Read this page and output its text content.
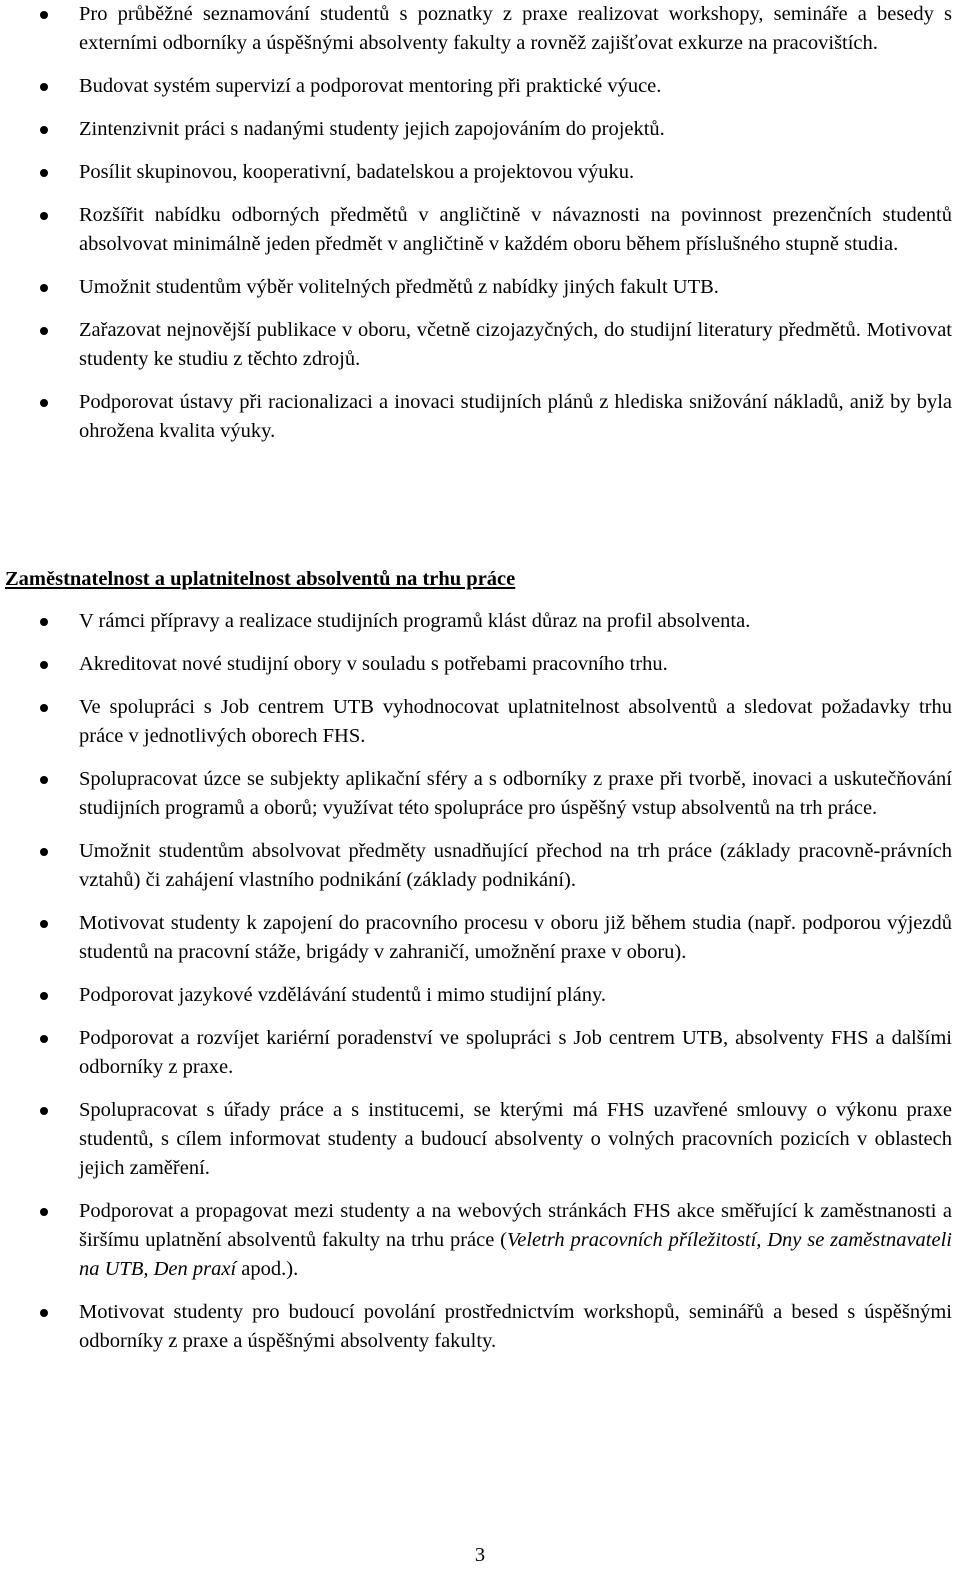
Pro průběžné seznamování studentů s poznatky z praxe realizovat workshopy, semináře a besedy s externími odborníky a úspěšnými absolventy fakulty a rovněž zajišťovat exkurze na pracovištích.
Budovat systém supervizí a podporovat mentoring při praktické výuce.
Zintenzivnit práci s nadanými studenty jejich zapojováním do projektů.
Posílit skupinovou, kooperativní, badatelskou a projektovou výuku.
Rozšířit nabídku odborných předmětů v angličtině v návaznosti na povinnost prezenčních studentů absolvovat minimálně jeden předmět v angličtině v každém oboru během příslušného stupně studia.
Umožnit studentům výběr volitelných předmětů z nabídky jiných fakult UTB.
Zařazovat nejnovější publikace v oboru, včetně cizojazyčných, do studijní literatury předmětů. Motivovat studenty ke studiu z těchto zdrojů.
Podporovat ústavy při racionalizaci a inovaci studijních plánů z hlediska snižování nákladů, aniž by byla ohrožena kvalita výuky.
Zaměstnatelnost a uplatnitelnost absolventů na trhu práce
V rámci přípravy a realizace studijních programů klást důraz na profil absolventa.
Akreditovat nové studijní obory v souladu s potřebami pracovního trhu.
Ve spolupráci s Job centrem UTB vyhodnocovat uplatnitelnost absolventů a sledovat požadavky trhu práce v jednotlivých oborech FHS.
Spolupracovat úzce se subjekty aplikační sféry a s odborníky z praxe při tvorbě, inovaci a uskutečňování studijních programů a oborů; využívat této spolupráce pro úspěšný vstup absolventů na trh práce.
Umožnit studentům absolvovat předměty usnadňující přechod na trh práce (základy pracovně-právních vztahů) či zahájení vlastního podnikání (základy podnikání).
Motivovat studenty k zapojení do pracovního procesu v oboru již během studia (např. podporou výjezdů studentů na pracovní stáže, brigády v zahraničí, umožnění praxe v oboru).
Podporovat jazykové vzdělávání studentů i mimo studijní plány.
Podporovat a rozvíjet kariérní poradenství ve spolupráci s Job centrem UTB, absolventy FHS a dalšími odborníky z praxe.
Spolupracovat s úřady práce a s institucemi, se kterými má FHS uzavřené smlouvy o výkonu praxe studentů, s cílem informovat studenty a budoucí absolventy o volných pracovních pozicích v oblastech jejich zaměření.
Podporovat a propagovat mezi studenty a na webových stránkách FHS akce směřující k zaměstnanosti a širšímu uplatnění absolventů fakulty na trhu práce (Veletrh pracovních příležitostí, Dny se zaměstnavateli na UTB, Den praxí apod.).
Motivovat studenty pro budoucí povolání prostřednictvím workshopů, seminářů a besed s úspěšnými odborníky z praxe a úspěšnými absolventy fakulty.
3
